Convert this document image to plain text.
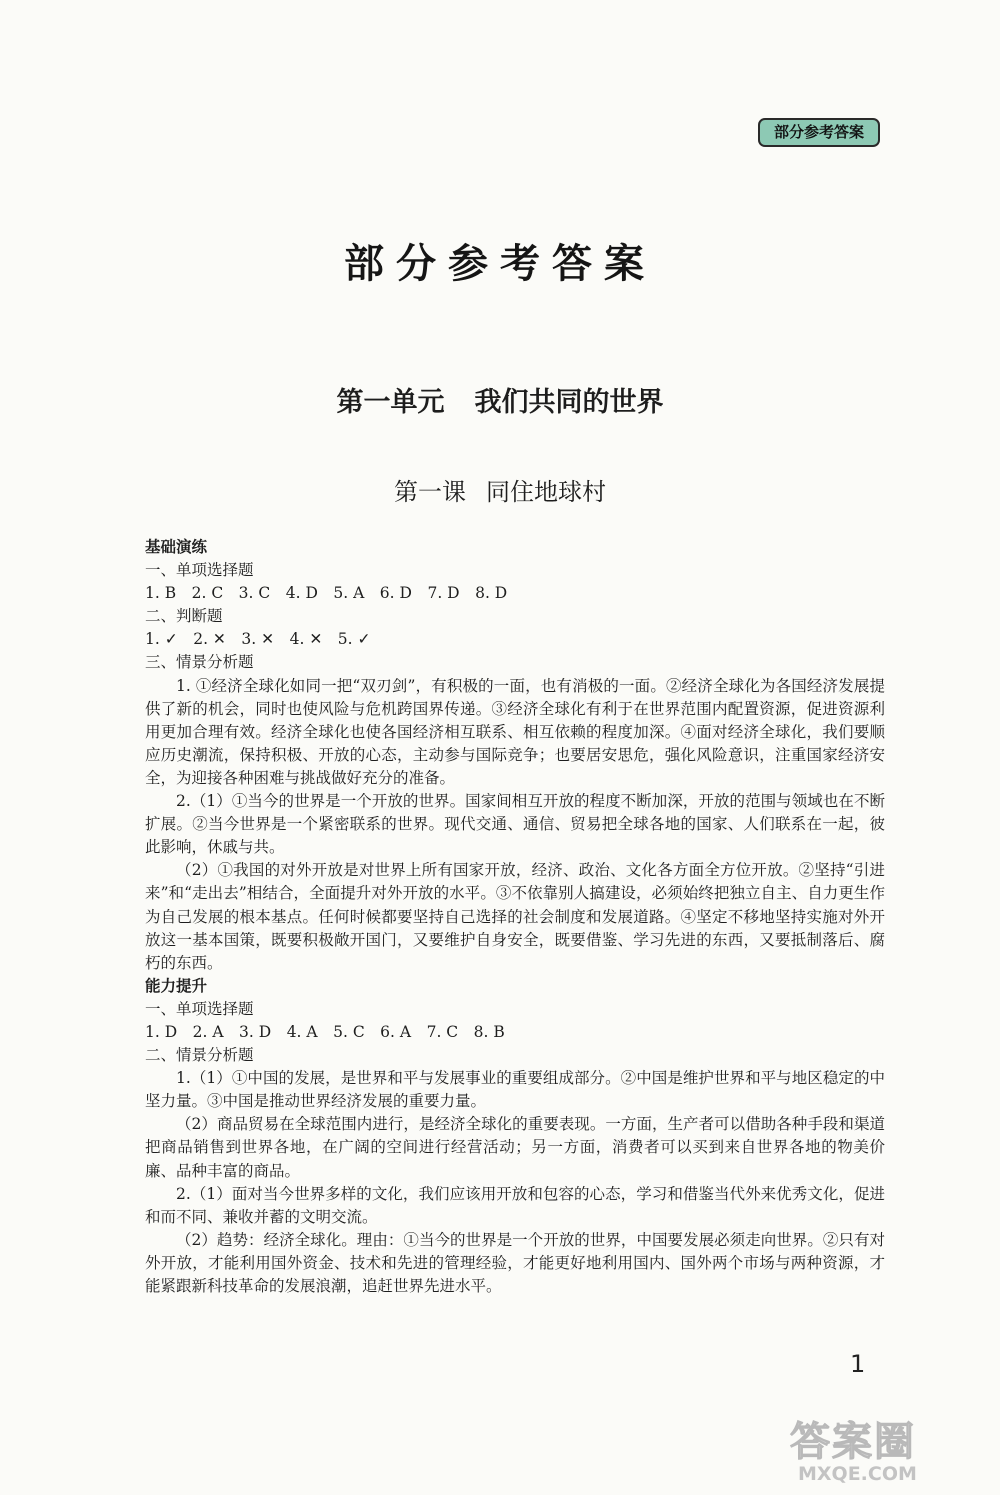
部分参考答案
部分参考答案
第一单元 我们共同的世界
第一课 同住地球村

基础演练

一、单项选择题

1. B　2. C　3. C　4. D　5. A　6. D　7. D　8. D

二、判断题

1. ✓　2. ✕　3. ✕　4. ✕　5. ✓

三、情景分析题

1. ①经济全球化如同一把“双刃剑”，有积极的一面，也有消极的一面。②经济全球化为各国经济发展提供了新的机会，同时也使风险与危机跨国界传递。③经济全球化有利于在世界范围内配置资源，促进资源利用更加合理有效。经济全球化也使各国经济相互联系、相互依赖的程度加深。④面对经济全球化，我们要顺应历史潮流，保持积极、开放的心态，主动参与国际竞争；也要居安思危，强化风险意识，注重国家经济安全，为迎接各种困难与挑战做好充分的准备。

2.（1）①当今的世界是一个开放的世界。国家间相互开放的程度不断加深，开放的范围与领域也在不断扩展。②当今世界是一个紧密联系的世界。现代交通、通信、贸易把全球各地的国家、人们联系在一起，彼此影响，休戚与共。

（2）①我国的对外开放是对世界上所有国家开放，经济、政治、文化各方面全方位开放。②坚持“引进来”和“走出去”相结合，全面提升对外开放的水平。③不依靠别人搞建设，必须始终把独立自主、自力更生作为自己发展的根本基点。任何时候都要坚持自己选择的社会制度和发展道路。④坚定不移地坚持实施对外开放这一基本国策，既要积极敞开国门，又要维护自身安全，既要借鉴、学习先进的东西，又要抵制落后、腐朽的东西。

能力提升

一、单项选择题

1. D　2. A　3. D　4. A　5. C　6. A　7. C　8. B

二、情景分析题

1.（1）①中国的发展，是世界和平与发展事业的重要组成部分。②中国是维护世界和平与地区稳定的中坚力量。③中国是推动世界经济发展的重要力量。

（2）商品贸易在全球范围内进行，是经济全球化的重要表现。一方面，生产者可以借助各种手段和渠道把商品销售到世界各地，在广阔的空间进行经营活动；另一方面，消费者可以买到来自世界各地的物美价廉、品种丰富的商品。

2.（1）面对当今世界多样的文化，我们应该用开放和包容的心态，学习和借鉴当代外来优秀文化，促进和而不同、兼收并蓄的文明交流。

（2）趋势：经济全球化。理由：①当今的世界是一个开放的世界，中国要发展必须走向世界。②只有对外开放，才能利用国外资金、技术和先进的管理经验，才能更好地利用国内、国外两个市场与两种资源，才能紧跟新科技革命的发展浪潮，追赶世界先进水平。

1
答案圈
MXQE.COM
